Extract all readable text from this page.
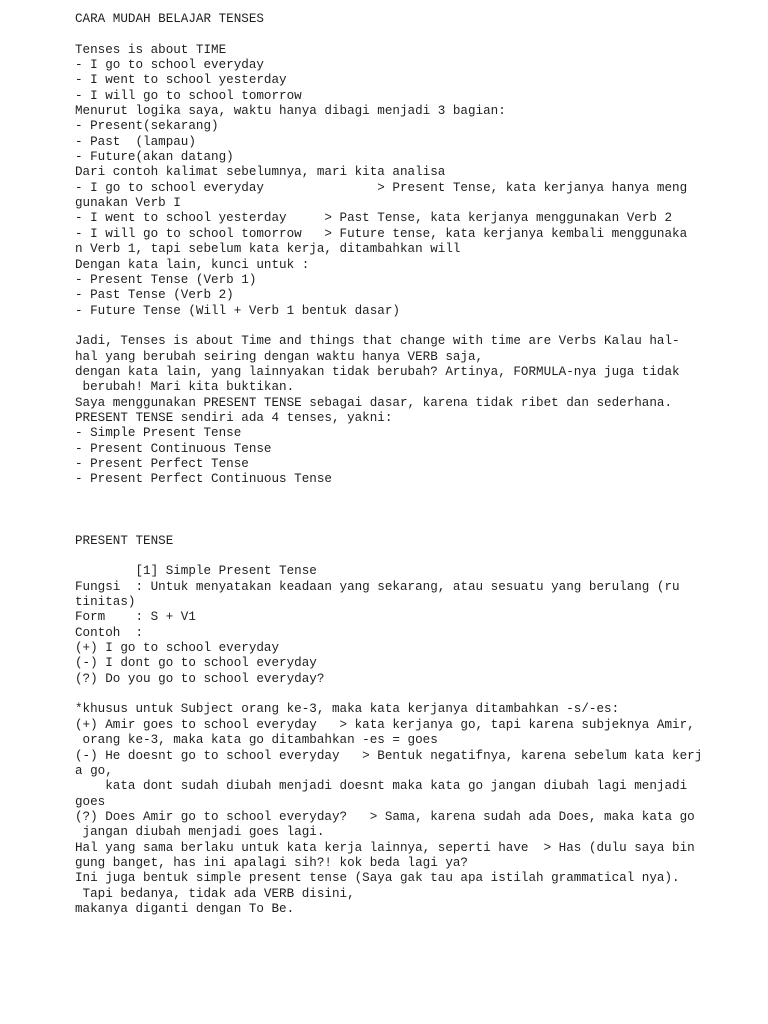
CARA MUDAH BELAJAR TENSES
Tenses is about TIME
- I go to school everyday
- I went to school yesterday
- I will go to school tomorrow
Menurut logika saya, waktu hanya dibagi menjadi 3 bagian:
- Present(sekarang)
- Past  (lampau)
- Future(akan datang)
Dari contoh kalimat sebelumnya, mari kita analisa
- I go to school everyday               > Present Tense, kata kerjanya hanya meng
gunakan Verb I
- I went to school yesterday     > Past Tense, kata kerjanya menggunakan Verb 2
- I will go to school tomorrow   > Future tense, kata kerjanya kembali menggunaka
n Verb 1, tapi sebelum kata kerja, ditambahkan will
Dengan kata lain, kunci untuk :
- Present Tense (Verb 1)
- Past Tense (Verb 2)
- Future Tense (Will + Verb 1 bentuk dasar)
Jadi, Tenses is about Time and things that change with time are Verbs Kalau hal-
hal yang berubah seiring dengan waktu hanya VERB saja,
dengan kata lain, yang lainnyakan tidak berubah? Artinya, FORMULA-nya juga tidak
berubah! Mari kita buktikan.
Saya menggunakan PRESENT TENSE sebagai dasar, karena tidak ribet dan sederhana.
PRESENT TENSE sendiri ada 4 tenses, yakni:
- Simple Present Tense
- Present Continuous Tense
- Present Perfect Tense
- Present Perfect Continuous Tense
PRESENT TENSE
[1] Simple Present Tense
Fungsi  : Untuk menyatakan keadaan yang sekarang, atau sesuatu yang berulang (ru
tinitas)
Form    : S + V1
Contoh  :
(+) I go to school everyday
(-) I dont go to school everyday
(?) Do you go to school everyday?
*khusus untuk Subject orang ke-3, maka kata kerjanya ditambahkan -s/-es:
(+) Amir goes to school everyday   > kata kerjanya go, tapi karena subjeknya Amir,
orang ke-3, maka kata go ditambahkan -es = goes
(-) He doesnt go to school everyday   > Bentuk negatifnya, karena sebelum kata kerj
a go,
kata dont sudah diubah menjadi doesnt maka kata go jangan diubah lagi menjadi
goes
(?) Does Amir go to school everyday?   > Sama, karena sudah ada Does, maka kata go
jangan diubah menjadi goes lagi.
Hal yang sama berlaku untuk kata kerja lainnya, seperti have  > Has (dulu saya bin
gung banget, has ini apalagi sih?! kok beda lagi ya?
Ini juga bentuk simple present tense (Saya gak tau apa istilah grammatical nya).
Tapi bedanya, tidak ada VERB disini,
makanya diganti dengan To Be.
